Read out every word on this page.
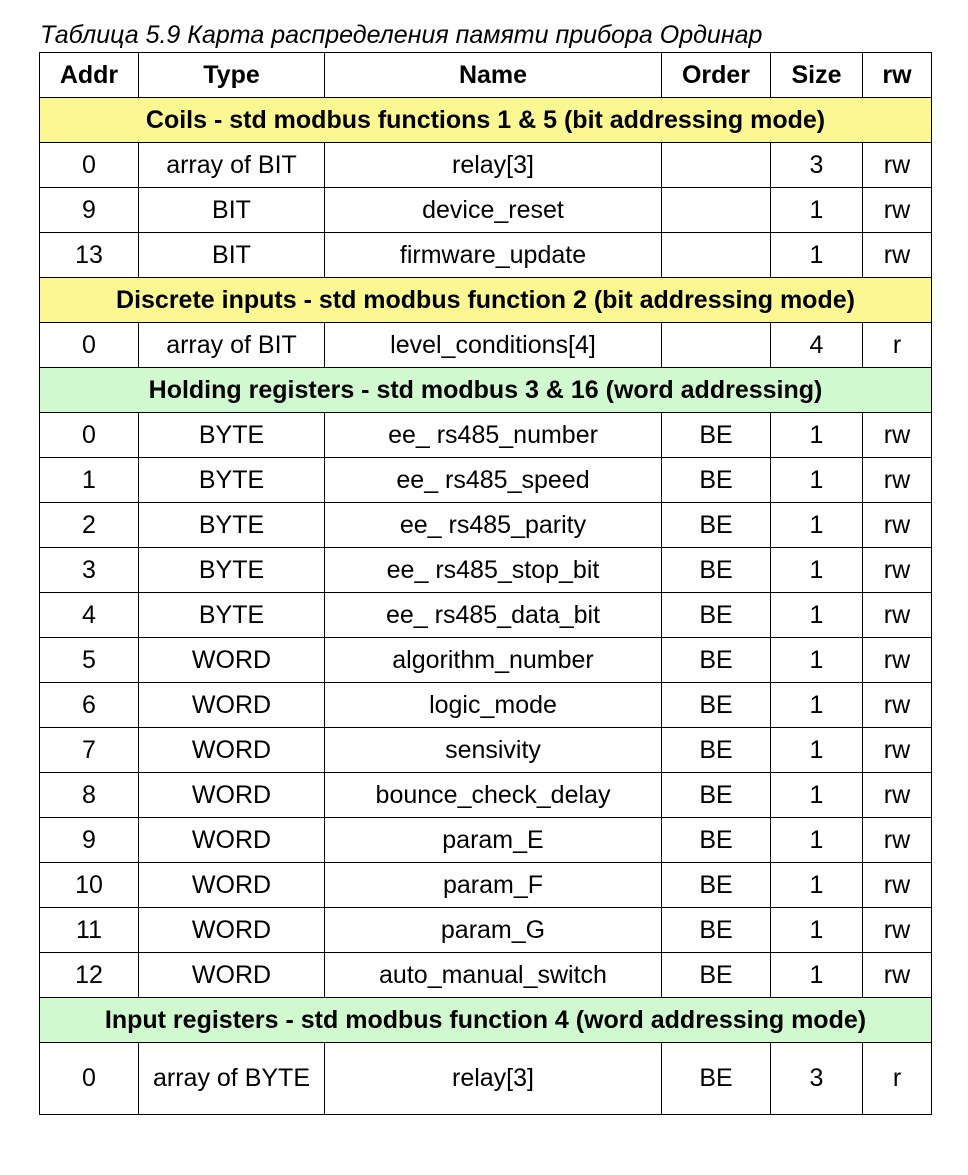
Таблица 5.9 Карта распределения памяти прибора Ординар
Addr	Type	Name	Order	Size	rw
Coils - std modbus functions 1 & 5 (bit addressing mode)					
0	array of BIT	relay[3]		3	rw
9	BIT	device_reset		1	rw
13	BIT	firmware_update		1	rw
Discrete inputs - std modbus function 2 (bit addressing mode)					
0	array of BIT	level_conditions[4]		4	r
Holding registers - std modbus 3 & 16 (word addressing)					
0	BYTE	ee_ rs485_number	BE	1	rw
1	BYTE	ee_ rs485_speed	BE	1	rw
2	BYTE	ee_ rs485_parity	BE	1	rw
3	BYTE	ee_ rs485_stop_bit	BE	1	rw
4	BYTE	ee_ rs485_data_bit	BE	1	rw
5	WORD	algorithm_number	BE	1	rw
6	WORD	logic_mode	BE	1	rw
7	WORD	sensivity	BE	1	rw
8	WORD	bounce_check_delay	BE	1	rw
9	WORD	param_E	BE	1	rw
10	WORD	param_F	BE	1	rw
11	WORD	param_G	BE	1	rw
12	WORD	auto_manual_switch	BE	1	rw
Input registers - std modbus function 4 (word addressing mode)					
0	array of BYTE	relay[3]	BE	3	r
